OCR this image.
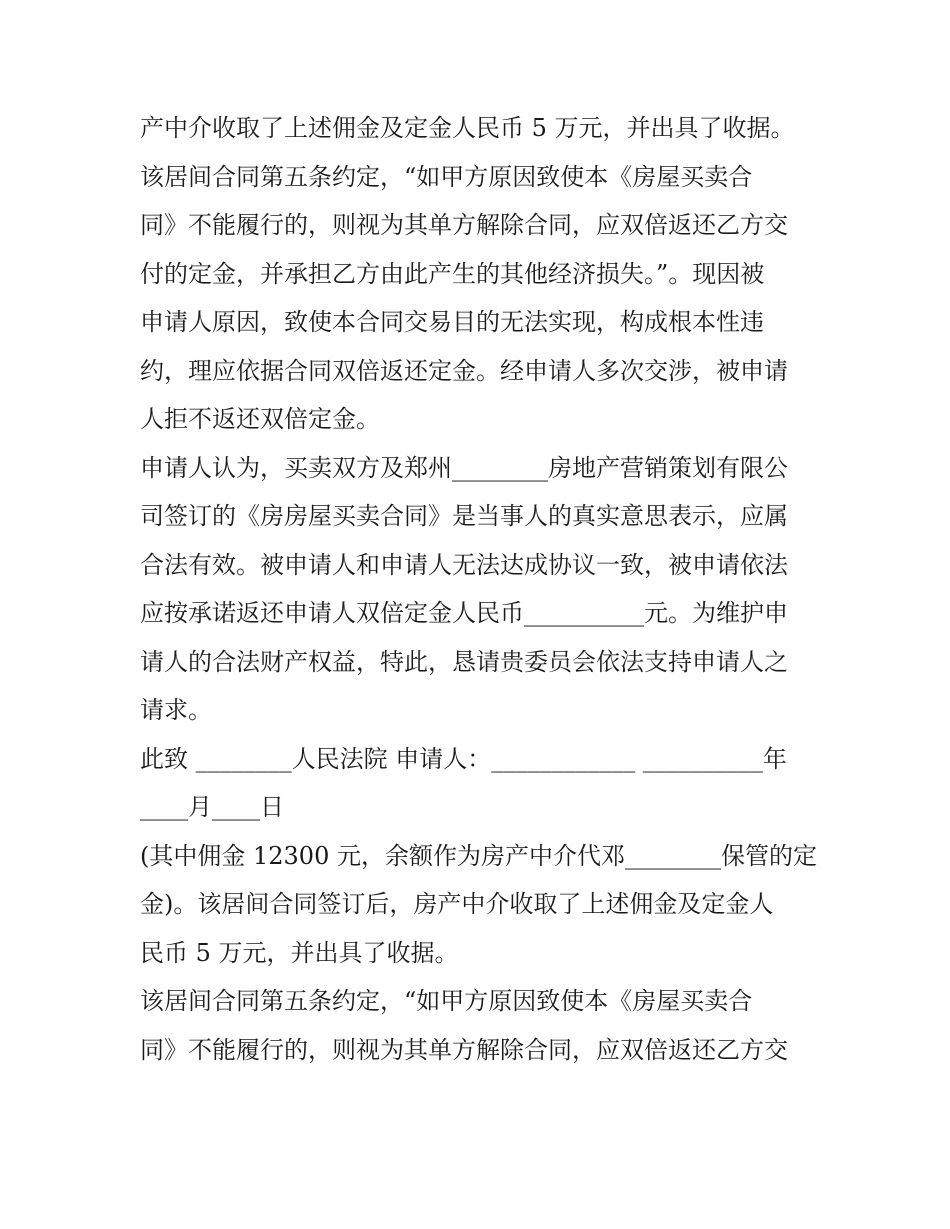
产中介收取了上述佣金及定金人民币 5 万元，并出具了收据。
该居间合同第五条约定，“如甲方原因致使本《房屋买卖合
同》不能履行的，则视为其单方解除合同，应双倍返还乙方交
付的定金，并承担乙方由此产生的其他经济损失。”。现因被
申请人原因，致使本合同交易目的无法实现，构成根本性违
约，理应依据合同双倍返还定金。经申请人多次交涉，被申请
人拒不返还双倍定金。
申请人认为，买卖双方及郑州________房地产营销策划有限公
司签订的《房房屋买卖合同》是当事人的真实意思表示，应属
合法有效。被申请人和申请人无法达成协议一致，被申请依法
应按承诺返还申请人双倍定金人民币__________元。为维护申
请人的合法财产权益，特此，恳请贵委员会依法支持申请人之
请求。
此致 ________人民法院 申请人：____________ __________年
____月____日
(其中佣金 12300 元，余额作为房产中介代邓________保管的定
金)。该居间合同签订后，房产中介收取了上述佣金及定金人
民币 5 万元，并出具了收据。
该居间合同第五条约定，“如甲方原因致使本《房屋买卖合
同》不能履行的，则视为其单方解除合同，应双倍返还乙方交
